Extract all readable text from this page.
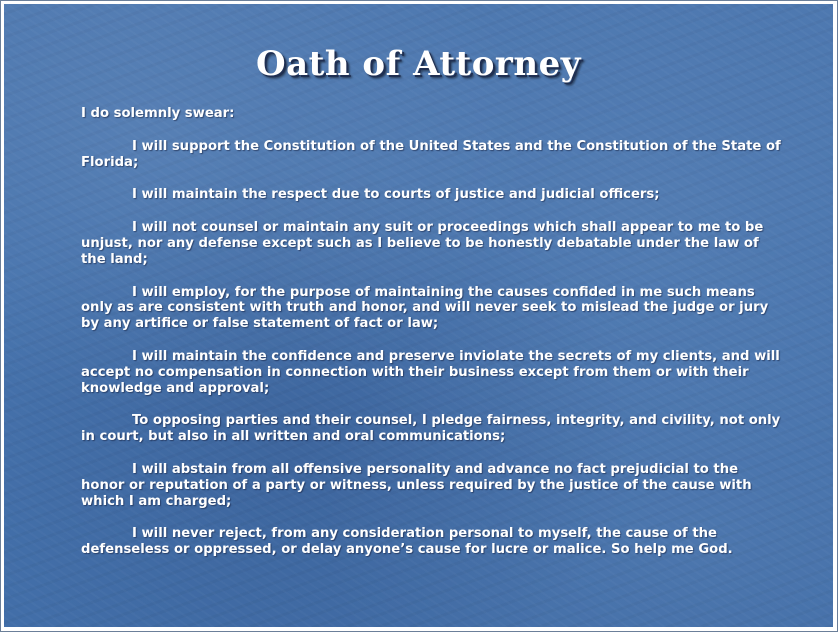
Oath of Attorney

I do solemnly swear:

I will support the Constitution of the United States and the Constitution of the State of Florida;

I will maintain the respect due to courts of justice and judicial officers;

I will not counsel or maintain any suit or proceedings which shall appear to me to be unjust, nor any defense except such as I believe to be honestly debatable under the law of the land;

I will employ, for the purpose of maintaining the causes confided in me such means only as are consistent with truth and honor, and will never seek to mislead the judge or jury by any artifice or false statement of fact or law;

I will maintain the confidence and preserve inviolate the secrets of my clients, and will accept no compensation in connection with their business except from them or with their knowledge and approval;

To opposing parties and their counsel, I pledge fairness, integrity, and civility, not only in court, but also in all written and oral communications;

I will abstain from all offensive personality and advance no fact prejudicial to the honor or reputation of a party or witness, unless required by the justice of the cause with which I am charged;

I will never reject, from any consideration personal to myself, the cause of the defenseless or oppressed, or delay anyone’s cause for lucre or malice. So help me God.
